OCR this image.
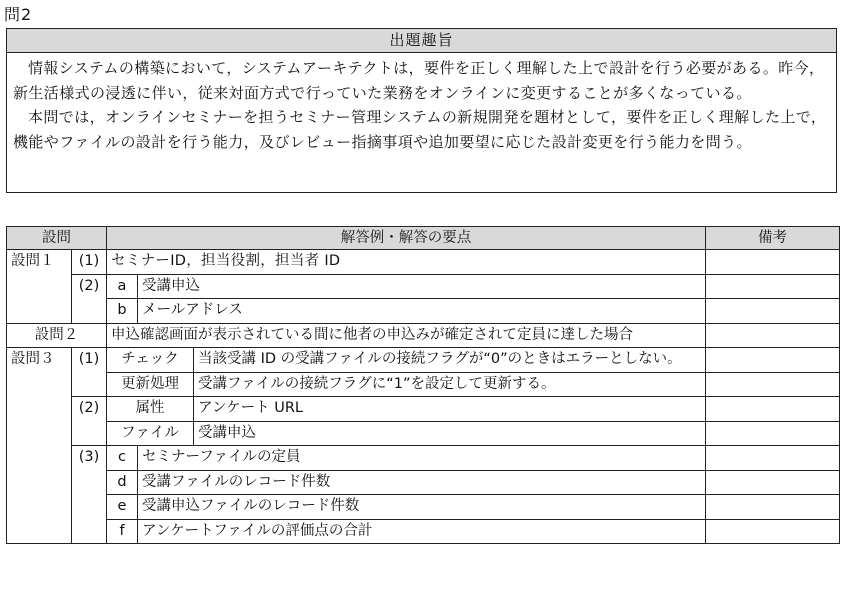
問2
出題趣旨

情報システムの構築において，システムアーキテクトは，要件を正しく理解した上で設計を行う必要がある。昨今，新生活様式の浸透に伴い，従来対面方式で行っていた業務をオンラインに変更することが多くなっている。

本問では，オンラインセミナーを担うセミナー管理システムの新規開発を題材として，要件を正しく理解した上で，機能やファイルの設計を行う能力，及びレビュー指摘事項や追加要望に応じた設計変更を行う能力を問う。

設問		解答例・解答の要点			備考
設問１	(1)	セミナーID，担当役割，担当者 ID			
	(2)	a	受講申込		
		b	メールアドレス		
設問２		申込確認画面が表示されている間に他者の申込みが確定されて定員に達した場合			
設問３	(1)	チェック		当該受講 ID の受講ファイルの接続フラグが“0”のときはエラーとしない。	
		更新処理		受講ファイルの接続フラグに“1”を設定して更新する。	
	(2)	属性		アンケート URL	
		ファイル		受講申込	
	(3)	c	セミナーファイルの定員		
		d	受講ファイルのレコード件数		
		e	受講申込ファイルのレコード件数		
		f	アンケートファイルの評価点の合計		
